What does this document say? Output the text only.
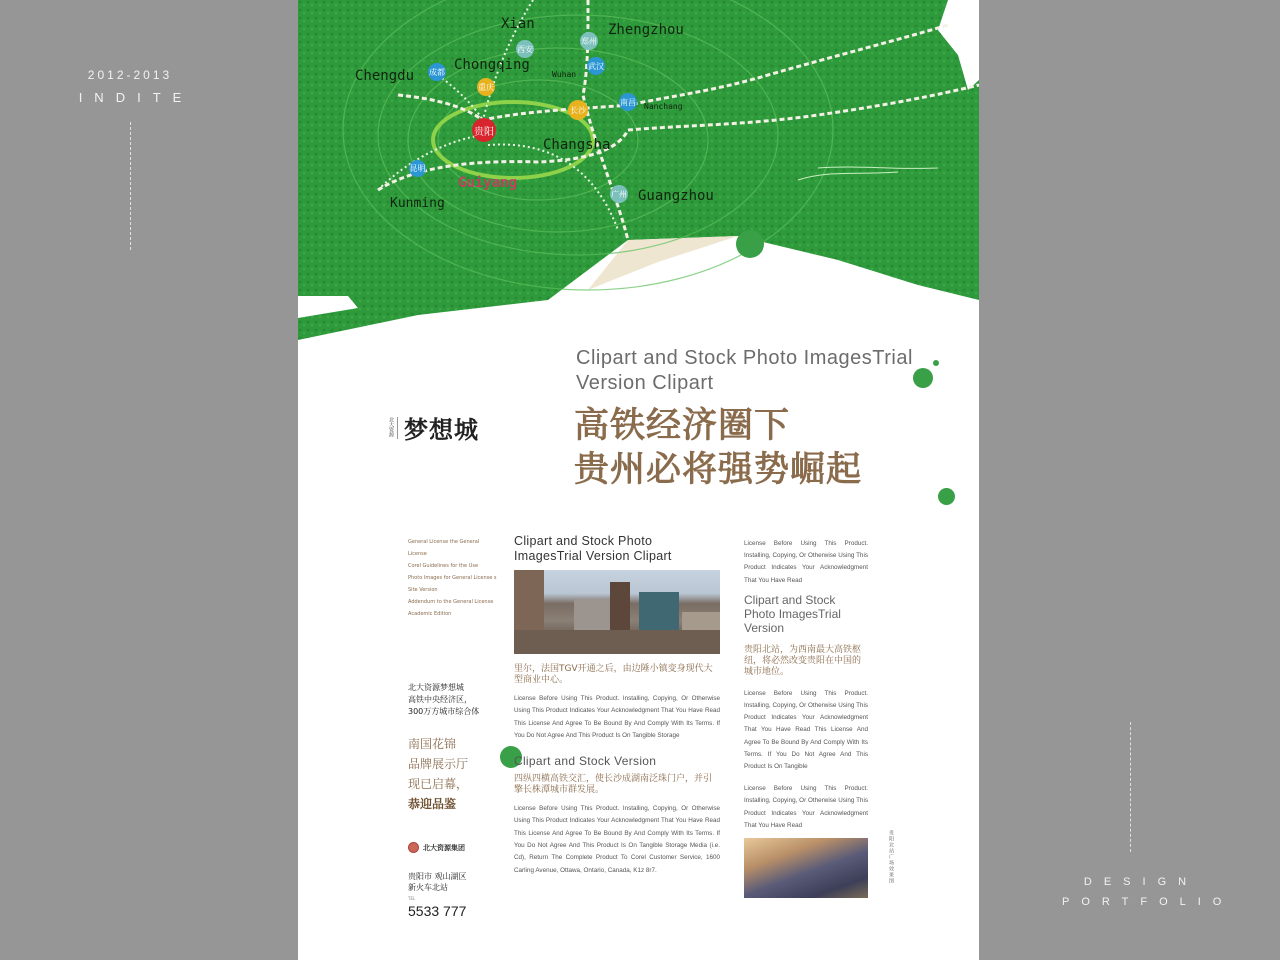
2012-2013
INDITE
DESIGN
PORTFOLIO
西安
郑州
成都
重庆
武汉
南昌
长沙
昆明
贵阳
广州
Xian	Zhengzhou
Chengdu
Chongqing
Wuhan
Nanchang
Changsha
Kunming
Guiyang
Guangzhou
Clipart and Stock Photo ImagesTrial Version Clipart
高铁经济圈下
贵州必将强势崛起
北大资源 梦想城
General License the General License
Corel Guidelines for the Use
Photo Images for General License s
Site Version
Addendum to the General License
Academic Edition
北大资源梦想城
高铁中央经济区，
300万方城市综合体
南国花锦
品牌展示厅
现已启幕，
恭迎品鉴
北大资源集团
贵阳市 观山湖区
新火车北站
TEL
5533 777
Clipart and Stock Photo ImagesTrial Version Clipart
里尔，法国TGV开通之后，由边陲小镇变身现代大型商业中心。
License Before Using This Product. Installing, Copying, Or Otherwise Using This Product Indicates Your Acknowledgment That You Have Read This License And Agree To Be Bound By And Comply With Its Terms. If You Do Not Agree And This Product Is On Tangible Storage
Clipart and Stock Version
四纵四横高铁交汇，使长沙成湖南泛珠门户，并引擎长株潭城市群发展。
License Before Using This Product. Installing, Copying, Or Otherwise Using This Product Indicates Your Acknowledgment That You Have Read This License And Agree To Be Bound By And Comply With Its Terms. If You Do Not Agree And This Product Is On Tangible Storage Media (i.e. Cd), Return The Complete Product To Corel Customer Service, 1600 Carling Avenue, Ottawa, Ontario, Canada, K1z 8r7.
License Before Using This Product. Installing, Copying, Or Otherwise Using This Product Indicates Your Acknowledgment That You Have Read
Clipart and Stock Photo ImagesTrial Version
贵阳北站，为西南最大高铁枢纽，将必然改变贵阳在中国的城市地位。
License Before Using This Product. Installing, Copying, Or Otherwise Using This Product Indicates Your Acknowledgment That You Have Read This License And Agree To Be Bound By And Comply With Its Terms. If You Do Not Agree And This Product Is On Tangible
License Before Using This Product. Installing, Copying, Or Otherwise Using This Product Indicates Your Acknowledgment That You Have Read
贵阳北站广场效果图
